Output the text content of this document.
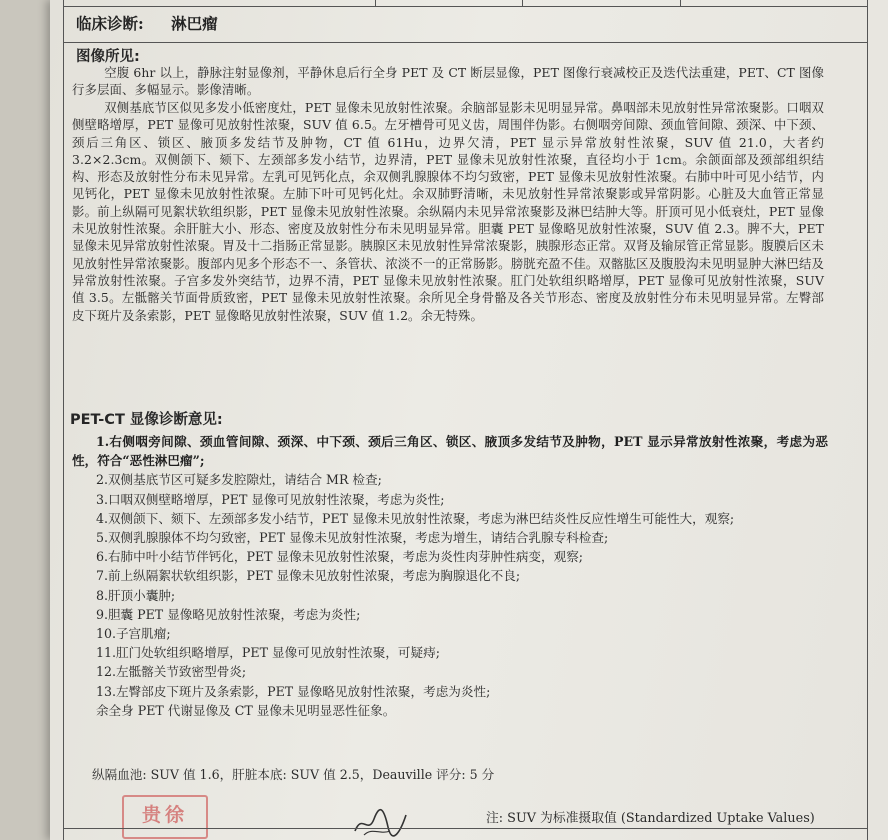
临床诊断: 淋巴瘤
图像所见:
空腹 6hr 以上，静脉注射显像剂，平静休息后行全身 PET 及 CT 断层显像，PET 图像行衰减校正及迭代法重建，PET、CT 图像行多层面、多幅显示。影像清晰。
双侧基底节区似见多发小低密度灶，PET 显像未见放射性浓聚。余脑部显影未见明显异常。鼻咽部未见放射性异常浓聚影。口咽双侧壁略增厚，PET 显像可见放射性浓聚，SUV 值 6.5。左牙槽骨可见义齿，周围伴伪影。右侧咽旁间隙、颈血管间隙、颈深、中下颈、颈后三角区、锁区、腋顶多发结节及肿物，CT 值 61Hu，边界欠清，PET 显示异常放射性浓聚，SUV 值 21.0，大者约 3.2×2.3cm。双侧颌下、颏下、左颈部多发小结节，边界清，PET 显像未见放射性浓聚，直径均小于 1cm。余颌面部及颈部组织结构、形态及放射性分布未见异常。左乳可见钙化点，余双侧乳腺腺体不均匀致密，PET 显像未见放射性浓聚。右肺中叶可见小结节，内见钙化，PET 显像未见放射性浓聚。左肺下叶可见钙化灶。余双肺野清晰，未见放射性异常浓聚影或异常阴影。心脏及大血管正常显影。前上纵隔可见絮状软组织影，PET 显像未见放射性浓聚。余纵隔内未见异常浓聚影及淋巴结肿大等。肝顶可见小低衰灶，PET 显像未见放射性浓聚。余肝脏大小、形态、密度及放射性分布未见明显异常。胆囊 PET 显像略见放射性浓聚，SUV 值 2.3。脾不大，PET 显像未见异常放射性浓聚。胃及十二指肠正常显影。胰腺区未见放射性异常浓聚影，胰腺形态正常。双肾及输尿管正常显影。腹膜后区未见放射性异常浓聚影。腹部内见多个形态不一、条管状、浓淡不一的正常肠影。膀胱充盈不佳。双髂肱区及腹股沟未见明显肿大淋巴结及异常放射性浓聚。子宫多发外突结节，边界不清，PET 显像未见放射性浓聚。肛门处软组织略增厚，PET 显像可见放射性浓聚，SUV 值 3.5。左骶髂关节面骨质致密，PET 显像未见放射性浓聚。余所见全身骨骼及各关节形态、密度及放射性分布未见明显异常。左臀部皮下斑片及条索影，PET 显像略见放射性浓聚，SUV 值 1.2。余无特殊。
PET-CT 显像诊断意见:
1.右侧咽旁间隙、颈血管间隙、颈深、中下颈、颈后三角区、锁区、腋顶多发结节及肿物，PET 显示异常放射性浓聚，考虑为恶性，符合“恶性淋巴瘤”;
2.双侧基底节区可疑多发腔隙灶，请结合 MR 检查;
3.口咽双侧壁略增厚，PET 显像可见放射性浓聚，考虑为炎性;
4.双侧颌下、颏下、左颈部多发小结节，PET 显像未见放射性浓聚，考虑为淋巴结炎性反应性增生可能性大，观察;
5.双侧乳腺腺体不均匀致密，PET 显像未见放射性浓聚，考虑为增生，请结合乳腺专科检查;
6.右肺中叶小结节伴钙化，PET 显像未见放射性浓聚，考虑为炎性肉芽肿性病变，观察;
7.前上纵隔絮状软组织影，PET 显像未见放射性浓聚，考虑为胸腺退化不良;
8.肝顶小囊肿;
9.胆囊 PET 显像略见放射性浓聚，考虑为炎性;
10.子宫肌瘤;
11.肛门处软组织略增厚，PET 显像可见放射性浓聚，可疑痔;
12.左骶髂关节致密型骨炎;
13.左臀部皮下斑片及条索影，PET 显像略见放射性浓聚，考虑为炎性;
余全身 PET 代谢显像及 CT 显像未见明显恶性征象。
纵隔血池: SUV 值 1.6，肝脏本底: SUV 值 2.5，Deauville 评分: 5 分
贵徐	注: SUV 为标准摄取值 (Standardized Uptake Values)
